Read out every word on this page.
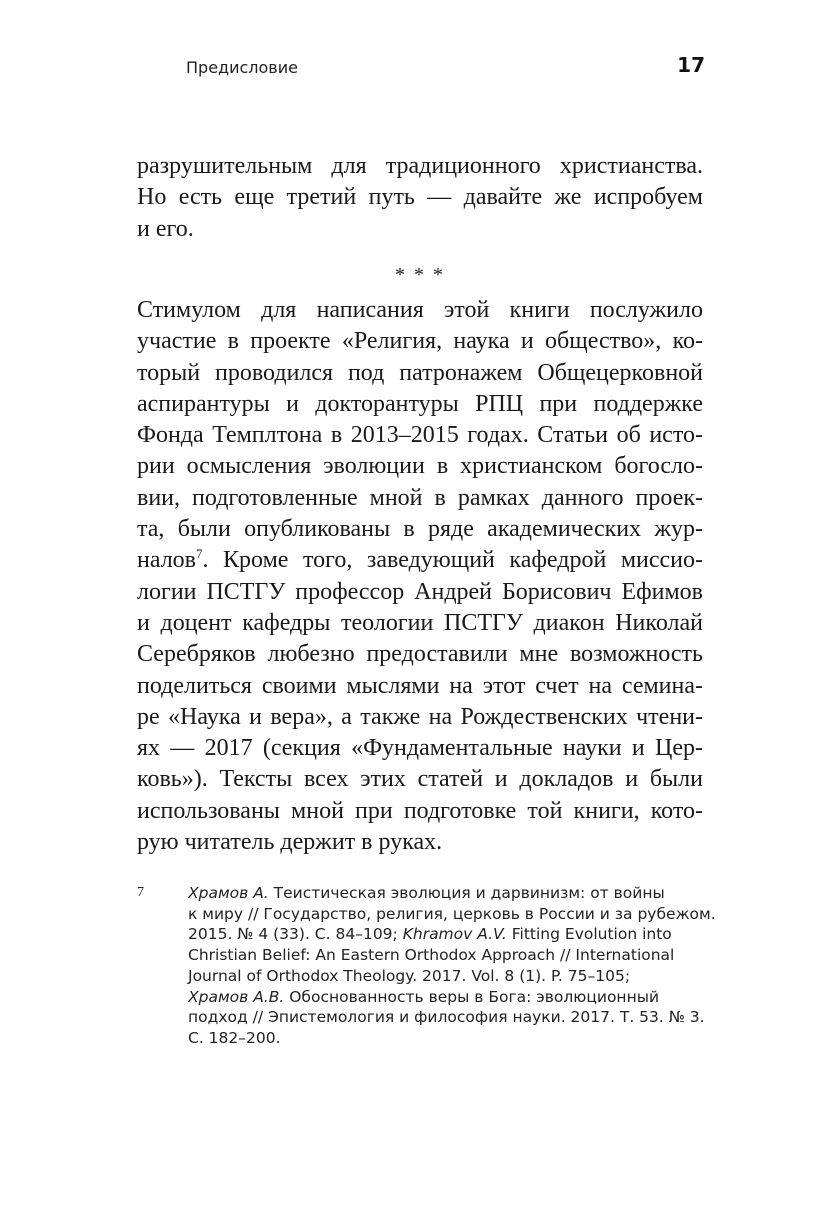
Предисловие	17
разрушительным для традиционного христианства.
Но есть еще третий путь — давайте же испробуем
и его.
* * *
Стимулом для написания этой книги послужило
участие в проекте «Религия, наука и общество», ко-
торый проводился под патронажем Общецерковной
аспирантуры и докторантуры РПЦ при поддержке
Фонда Темплтона в 2013–2015 годах. Статьи об исто-
рии осмысления эволюции в христианском богосло-
вии, подготовленные мной в рамках данного проек-
та, были опубликованы в ряде академических жур-
налов$^7$. Кроме того, заведующий кафедрой миссио-
логии ПСТГУ профессор Андрей Борисович Ефимов
и доцент кафедры теологии ПСТГУ диакон Николай
Серебряков любезно предоставили мне возможность
поделиться своими мыслями на этот счет на семина-
ре «Наука и вера», а также на Рождественских чтени-
ях — 2017 (секция «Фундаментальные науки и Цер-
ковь»). Тексты всех этих статей и докладов и были
использованы мной при подготовке той книги, кото-
рую читатель держит в руках.
7	Храмов А. Теистическая эволюция и дарвинизм: от войны
к миру // Государство, религия, церковь в России и за рубежом.
2015. № 4 (33). С. 84–109; Khramov A.V. Fitting Evolution into
Christian Belief: An Eastern Orthodox Approach // International
Journal of Orthodox Theology. 2017. Vol. 8 (1). P. 75–105;
Храмов А.В. Обоснованность веры в Бога: эволюционный
подход // Эпистемология и философия науки. 2017. Т. 53. № 3.
С. 182–200.
